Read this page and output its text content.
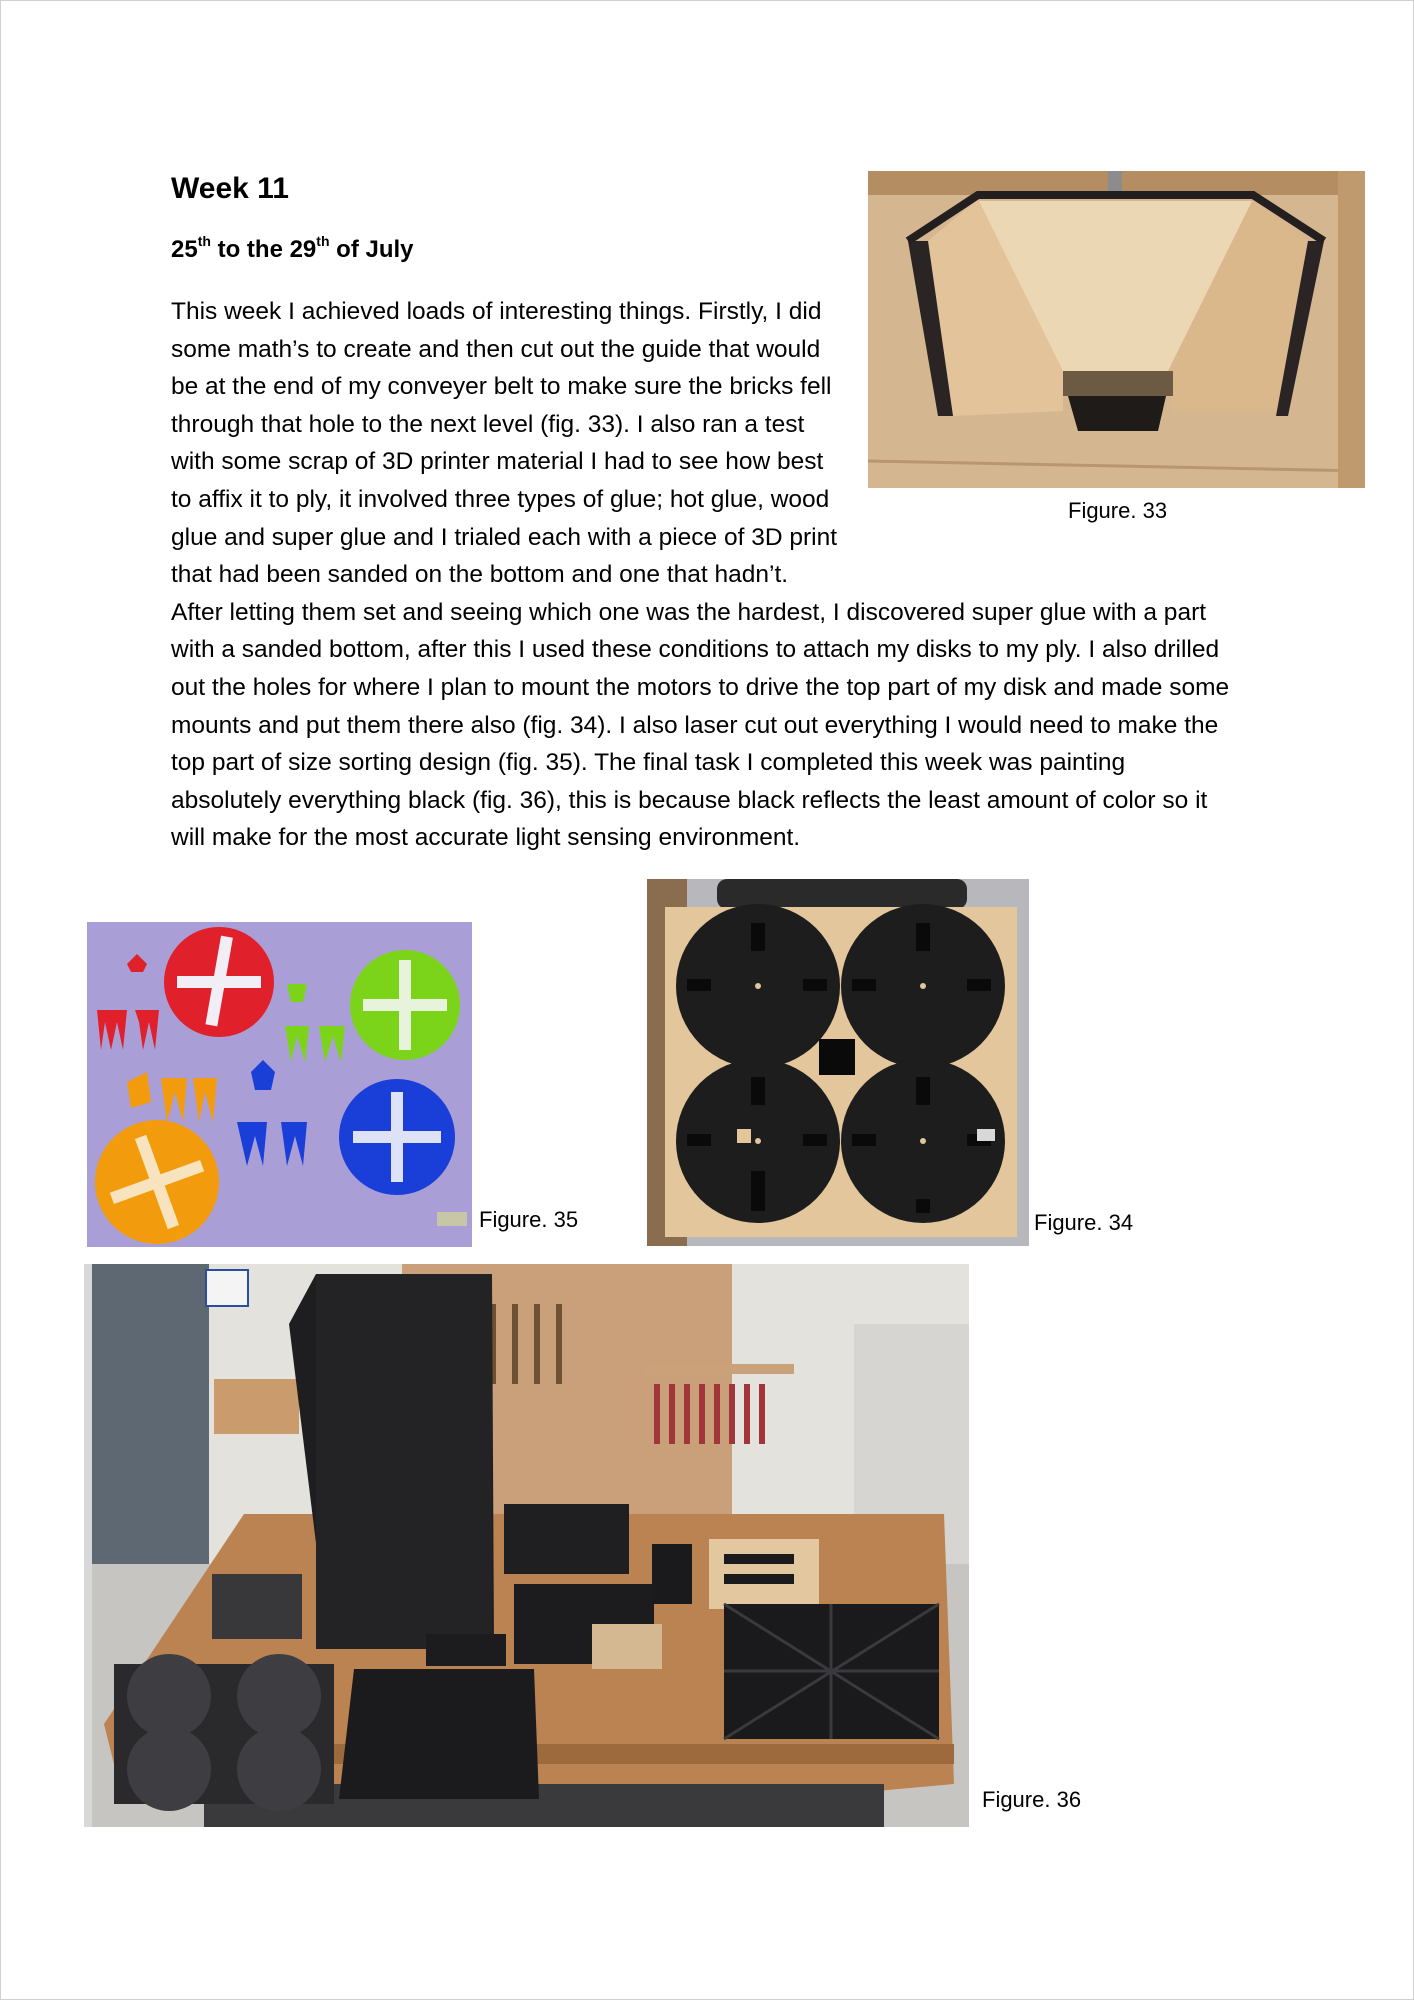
Week 11
25th to the 29th of July
This week I achieved loads of interesting things. Firstly, I did some math’s to create and then cut out the guide that would be at the end of my conveyer belt to make sure the bricks fell through that hole to the next level (fig. 33). I also ran a test with some scrap of 3D printer material I had to see how best to affix it to ply, it involved three types of glue; hot glue, wood glue and super glue and I trialed each with a piece of 3D print that had been sanded on the bottom and one that hadn’t. After letting them set and seeing which one was the hardest, I discovered super glue with a part with a sanded bottom, after this I used these conditions to attach my disks to my ply. I also drilled out the holes for where I plan to mount the motors to drive the top part of my disk and made some mounts and put them there also (fig. 34). I also laser cut out everything I would need to make the top part of size sorting design (fig. 35). The final task I completed this week was painting absolutely everything black (fig. 36), this is because black reflects the least amount of color so it will make for the most accurate light sensing environment.
Figure. 33
Figure. 35	Figure. 34
Figure. 36
